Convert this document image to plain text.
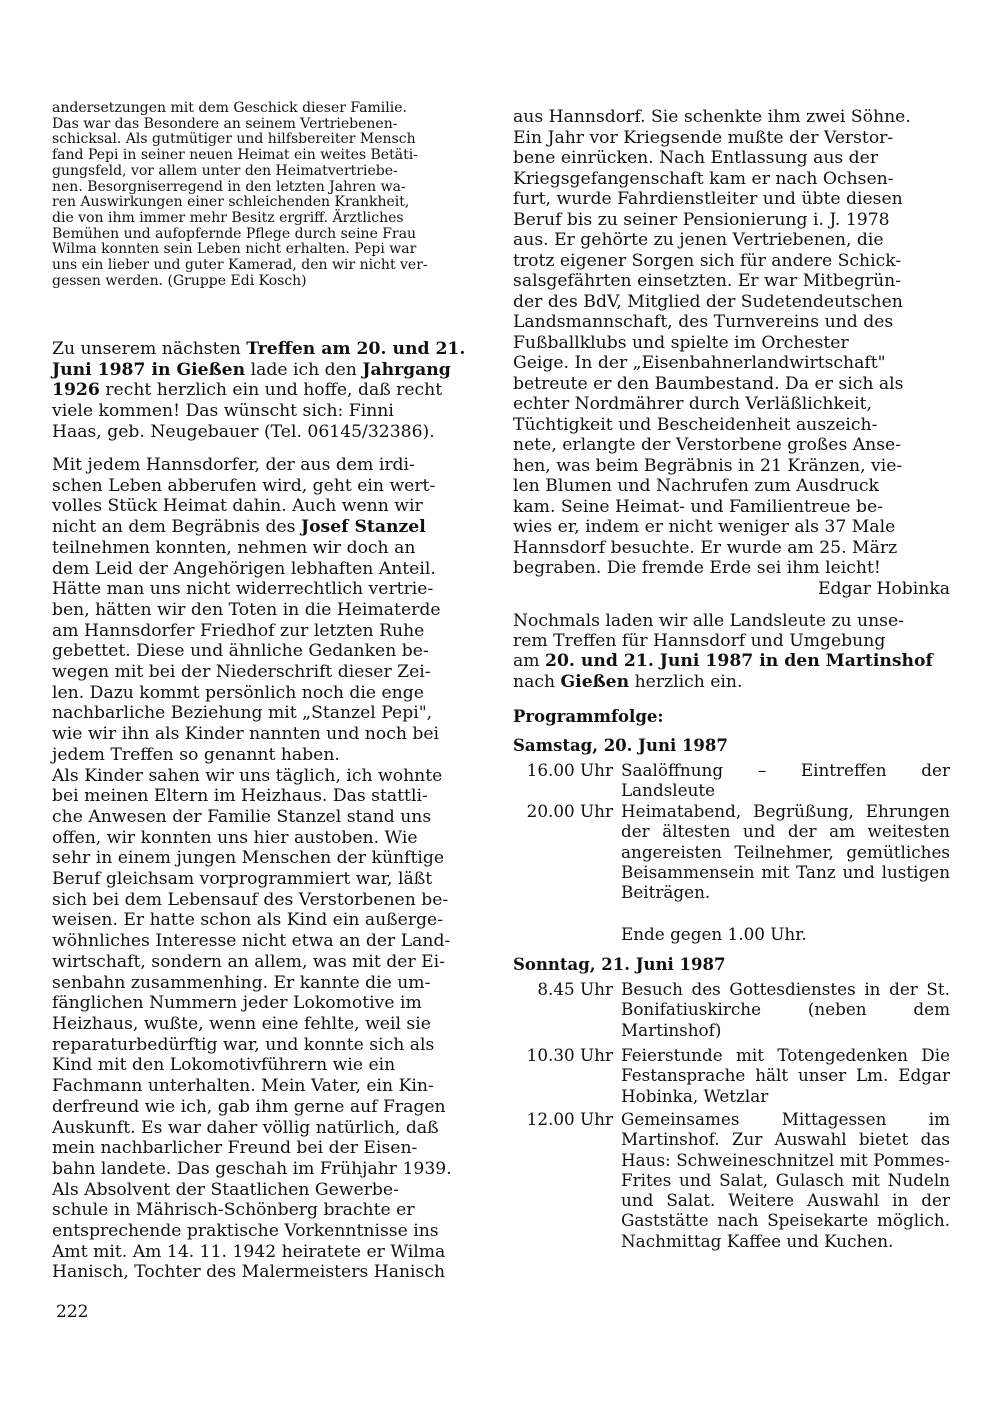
andersetzungen mit dem Geschick dieser Familie.

Das war das Besondere an seinem Vertriebenen-

schicksal. Als gutmütiger und hilfsbereiter Mensch

fand Pepi in seiner neuen Heimat ein weites Betäti-

gungsfeld, vor allem unter den Heimatvertriebe-

nen. Besorgniserregend in den letzten Jahren wa-

ren Auswirkungen einer schleichenden Krankheit,

die von ihm immer mehr Besitz ergriff. Ärztliches

Bemühen und aufopfernde Pflege durch seine Frau

Wilma konnten sein Leben nicht erhalten. Pepi war

uns ein lieber und guter Kamerad, den wir nicht ver-

gessen werden. (Gruppe Edi Kosch)

Zu unserem nächsten Treffen am 20. und 21.

Juni 1987 in Gießen lade ich den Jahrgang

1926 recht herzlich ein und hoffe, daß recht

viele kommen! Das wünscht sich: Finni

Haas, geb. Neugebauer (Tel. 06145/32386).

Mit jedem Hannsdorfer, der aus dem irdi-

schen Leben abberufen wird, geht ein wert-

volles Stück Heimat dahin. Auch wenn wir

nicht an dem Begräbnis des Josef Stanzel

teilnehmen konnten, nehmen wir doch an

dem Leid der Angehörigen lebhaften Anteil.

Hätte man uns nicht widerrechtlich vertrie-

ben, hätten wir den Toten in die Heimaterde

am Hannsdorfer Friedhof zur letzten Ruhe

gebettet. Diese und ähnliche Gedanken be-

wegen mit bei der Niederschrift dieser Zei-

len. Dazu kommt persönlich noch die enge

nachbarliche Beziehung mit „Stanzel Pepi",

wie wir ihn als Kinder nannten und noch bei

jedem Treffen so genannt haben.

Als Kinder sahen wir uns täglich, ich wohnte

bei meinen Eltern im Heizhaus. Das stattli-

che Anwesen der Familie Stanzel stand uns

offen, wir konnten uns hier austoben. Wie

sehr in einem jungen Menschen der künftige

Beruf gleichsam vorprogrammiert war, läßt

sich bei dem Lebensauf des Verstorbenen be-

weisen. Er hatte schon als Kind ein außerge-

wöhnliches Interesse nicht etwa an der Land-

wirtschaft, sondern an allem, was mit der Ei-

senbahn zusammenhing. Er kannte die um-

fänglichen Nummern jeder Lokomotive im

Heizhaus, wußte, wenn eine fehlte, weil sie

reparaturbedürftig war, und konnte sich als

Kind mit den Lokomotivführern wie ein

Fachmann unterhalten. Mein Vater, ein Kin-

derfreund wie ich, gab ihm gerne auf Fragen

Auskunft. Es war daher völlig natürlich, daß

mein nachbarlicher Freund bei der Eisen-

bahn landete. Das geschah im Frühjahr 1939.

Als Absolvent der Staatlichen Gewerbe-

schule in Mährisch-Schönberg brachte er

entsprechende praktische Vorkenntnisse ins

Amt mit. Am 14. 11. 1942 heiratete er Wilma

Hanisch, Tochter des Malermeisters Hanisch

222

aus Hannsdorf. Sie schenkte ihm zwei Söhne.

Ein Jahr vor Kriegsende mußte der Verstor-

bene einrücken. Nach Entlassung aus der

Kriegsgefangenschaft kam er nach Ochsen-

furt, wurde Fahrdienstleiter und übte diesen

Beruf bis zu seiner Pensionierung i. J. 1978

aus. Er gehörte zu jenen Vertriebenen, die

trotz eigener Sorgen sich für andere Schick-

salsgefährten einsetzten. Er war Mitbegrün-

der des BdV, Mitglied der Sudetendeutschen

Landsmannschaft, des Turnvereins und des

Fußballklubs und spielte im Orchester

Geige. In der „Eisenbahnerlandwirtschaft"

betreute er den Baumbestand. Da er sich als

echter Nordmährer durch Verläßlichkeit,

Tüchtigkeit und Bescheidenheit auszeich-

nete, erlangte der Verstorbene großes Anse-

hen, was beim Begräbnis in 21 Kränzen, vie-

len Blumen und Nachrufen zum Ausdruck

kam. Seine Heimat- und Familientreue be-

wies er, indem er nicht weniger als 37 Male

Hannsdorf besuchte. Er wurde am 25. März

begraben. Die fremde Erde sei ihm leicht!

Edgar Hobinka

Nochmals laden wir alle Landsleute zu unse-

rem Treffen für Hannsdorf und Umgebung

am 20. und 21. Juni 1987 in den Martinshof

nach Gießen herzlich ein.

Programmfolge:
Samstag, 20. Juni 1987
16.00 Uhr Saalöffnung – Eintreffen der Landsleute
20.00 Uhr Heimatabend, Begrüßung, Ehrungen der ältesten und der am weitesten angereisten Teilnehmer, gemütliches Beisammensein mit Tanz und lustigen Beiträgen.
Ende gegen 1.00 Uhr.
Sonntag, 21. Juni 1987
8.45 Uhr Besuch des Gottesdienstes in der St. Bonifatiuskirche (neben dem Martinshof)
10.30 Uhr Feierstunde mit Totengedenken Die Festansprache hält unser Lm. Edgar Hobinka, Wetzlar
12.00 Uhr Gemeinsames Mittagessen im Martinshof. Zur Auswahl bietet das Haus: Schweineschnitzel mit Pommes-Frites und Salat, Gulasch mit Nudeln und Salat. Weitere Auswahl in der Gaststätte nach Speisekarte möglich. Nachmittag Kaffee und Kuchen.
